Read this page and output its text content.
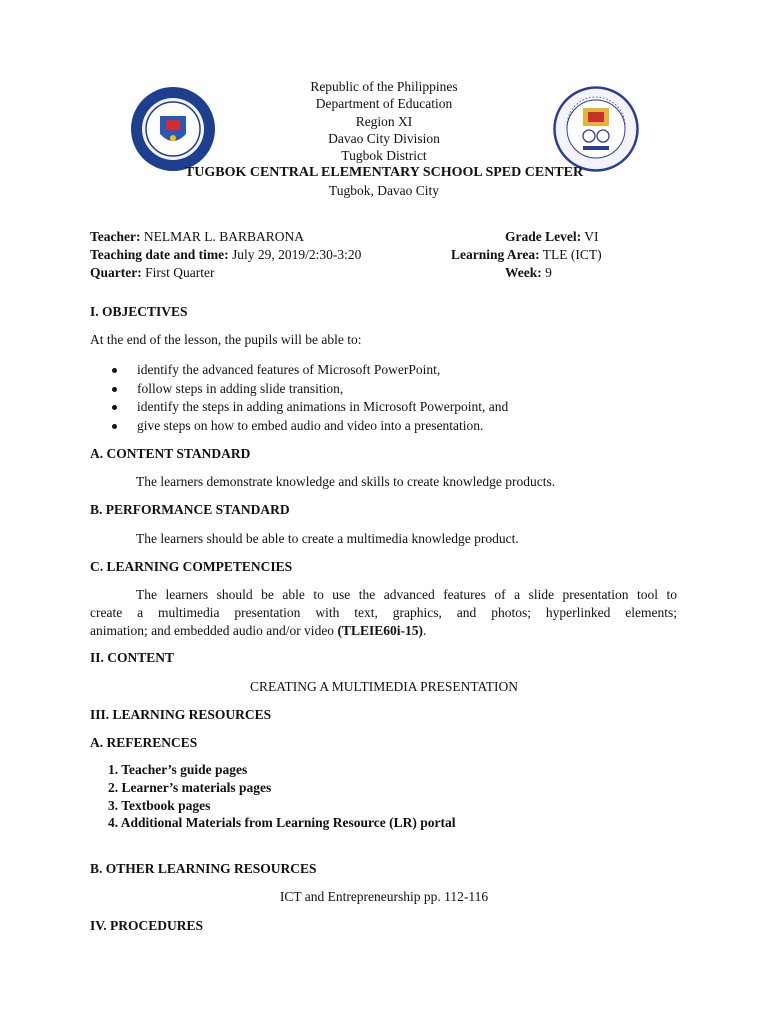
Republic of the Philippines
Department of Education
Region XI
Davao City Division
Tugbok District
TUGBOK CENTRAL ELEMENTARY SCHOOL SPED CENTER
Tugbok, Davao City
Teacher: NELMAR L. BARBARONA
Teaching date and time: July 29, 2019/2:30-3:20
Quarter: First Quarter
Grade Level: VI
Learning Area: TLE (ICT)
Week: 9
I. OBJECTIVES
At the end of the lesson, the pupils will be able to:
identify the advanced features of Microsoft PowerPoint,
follow steps in adding slide transition,
identify the steps in adding animations in Microsoft Powerpoint, and
give steps on how to embed audio and video into a presentation.
A. CONTENT STANDARD
The learners demonstrate knowledge and skills to create knowledge products.
B. PERFORMANCE STANDARD
The learners should be able to create a multimedia knowledge product.
C. LEARNING COMPETENCIES
The learners should be able to use the advanced features of a slide presentation tool to
create a multimedia presentation with text, graphics, and photos; hyperlinked elements;
animation; and embedded audio and/or video (TLEIE60i-15).
II. CONTENT
CREATING A MULTIMEDIA PRESENTATION
III. LEARNING RESOURCES
A. REFERENCES
1. Teacher’s guide pages
2. Learner’s materials pages
3. Textbook pages
4. Additional Materials from Learning Resource (LR) portal
B. OTHER LEARNING RESOURCES
ICT and Entrepreneurship pp. 112-116
IV. PROCEDURES
